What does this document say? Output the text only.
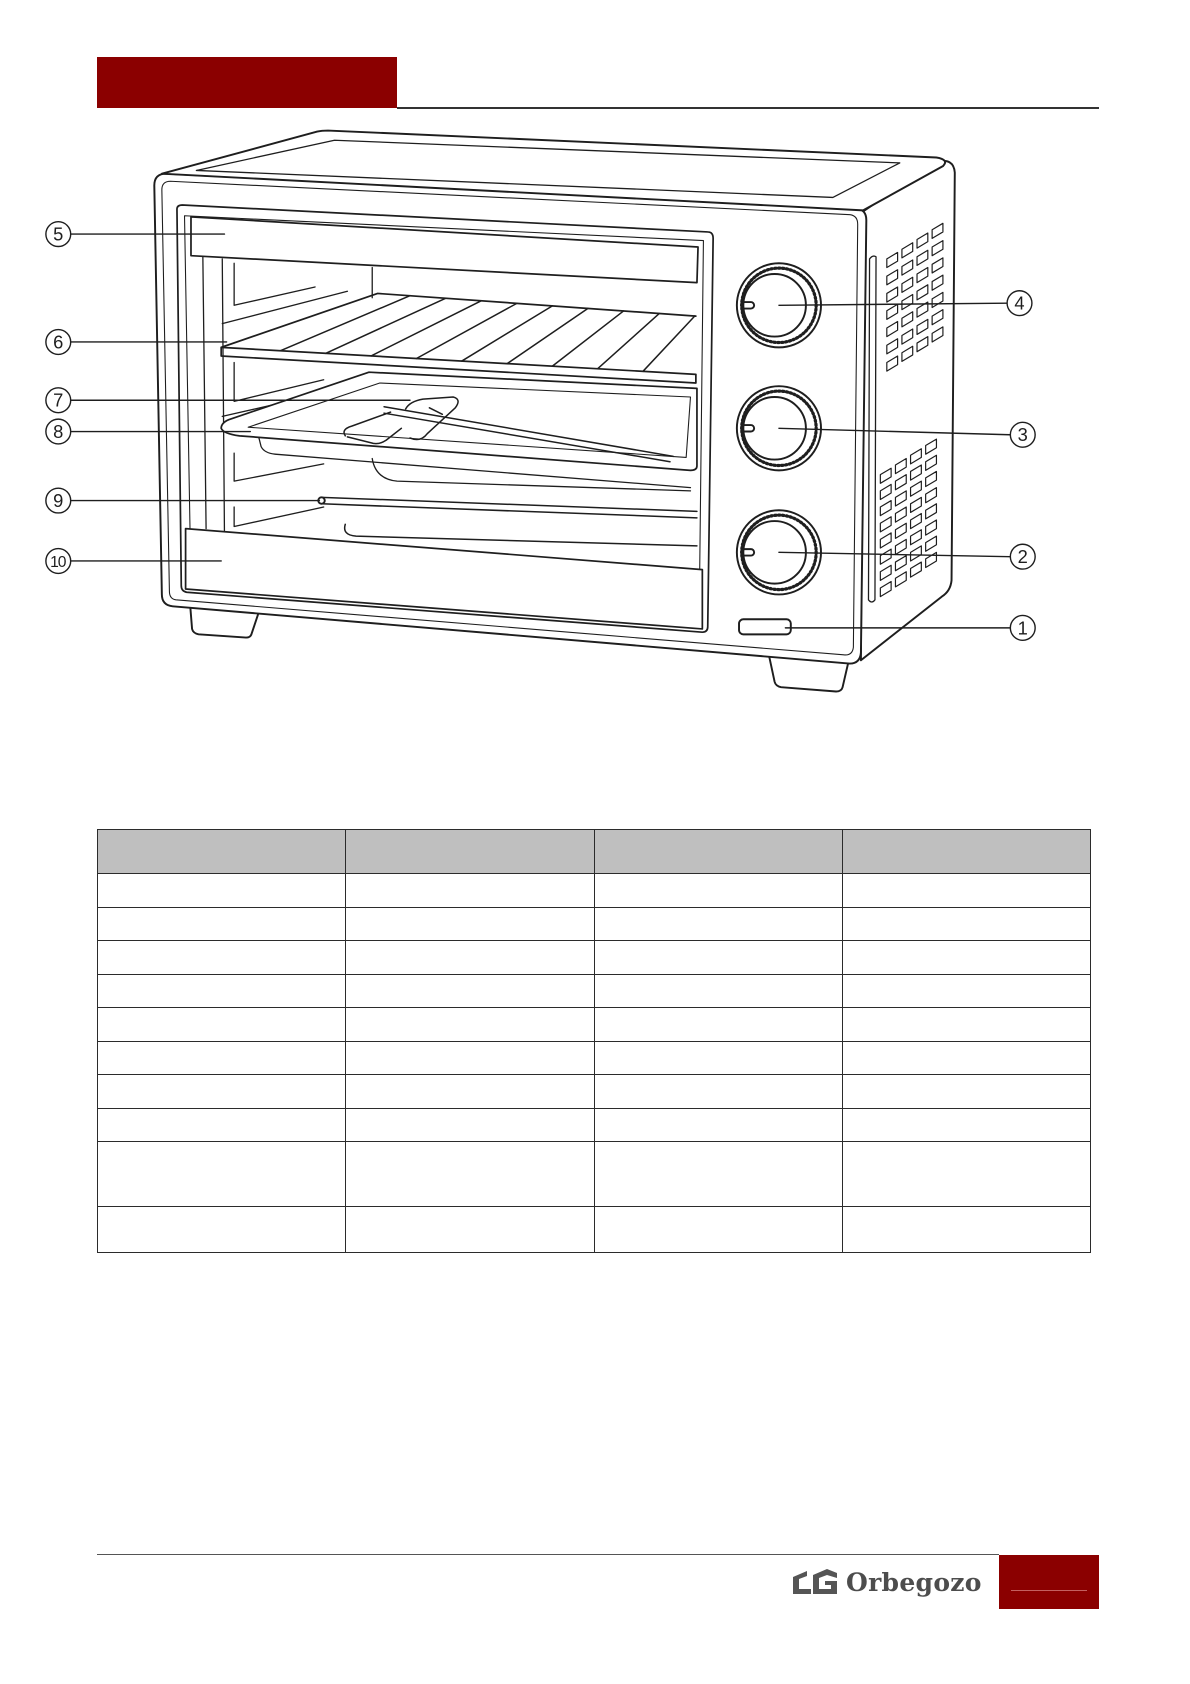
5
6
7
8
9
10
4
3
2
1

Orbegozo
